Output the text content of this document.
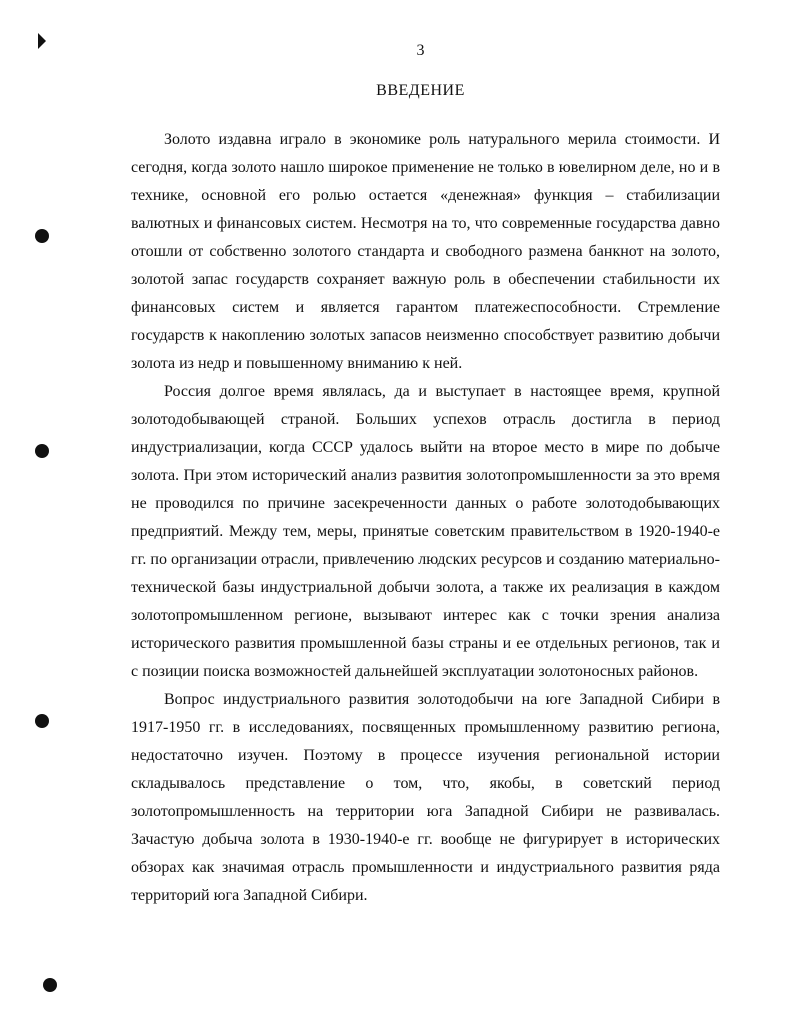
3
ВВЕДЕНИЕ

Золото издавна играло в экономике роль натурального мерила стоимости. И сегодня, когда золото нашло широкое применение не только в ювелирном деле, но и в технике, основной его ролью остается «денежная» функция – стабилизации валютных и финансовых систем. Несмотря на то, что современные государства давно отошли от собственно золотого стандарта и свободного размена банкнот на золото, золотой запас государств сохраняет важную роль в обеспечении стабильности их финансовых систем и является гарантом платежеспособности. Стремление государств к накоплению золотых запасов неизменно способствует развитию добычи золота из недр и повышенному вниманию к ней.

Россия долгое время являлась, да и выступает в настоящее время, крупной золотодобывающей страной. Больших успехов отрасль достигла в период индустриализации, когда СССР удалось выйти на второе место в мире по добыче золота. При этом исторический анализ развития золотопромышленности за это время не проводился по причине засекреченности данных о работе золотодобывающих предприятий. Между тем, меры, принятые советским правительством в 1920-1940-е гг. по организации отрасли, привлечению людских ресурсов и созданию материально-технической базы индустриальной добычи золота, а также их реализация в каждом золотопромышленном регионе, вызывают интерес как с точки зрения анализа исторического развития промышленной базы страны и ее отдельных регионов, так и с позиции поиска возможностей дальнейшей эксплуатации золотоносных районов.

Вопрос индустриального развития золотодобычи на юге Западной Сибири в 1917-1950 гг. в исследованиях, посвященных промышленному развитию региона, недостаточно изучен. Поэтому в процессе изучения региональной истории складывалось представление о том, что, якобы, в советский период золотопромышленность на территории юга Западной Сибири не развивалась. Зачастую добыча золота в 1930-1940-е гг. вообще не фигурирует в исторических обзорах как значимая отрасль промышленности и индустриального развития ряда территорий юга Западной Сибири.
